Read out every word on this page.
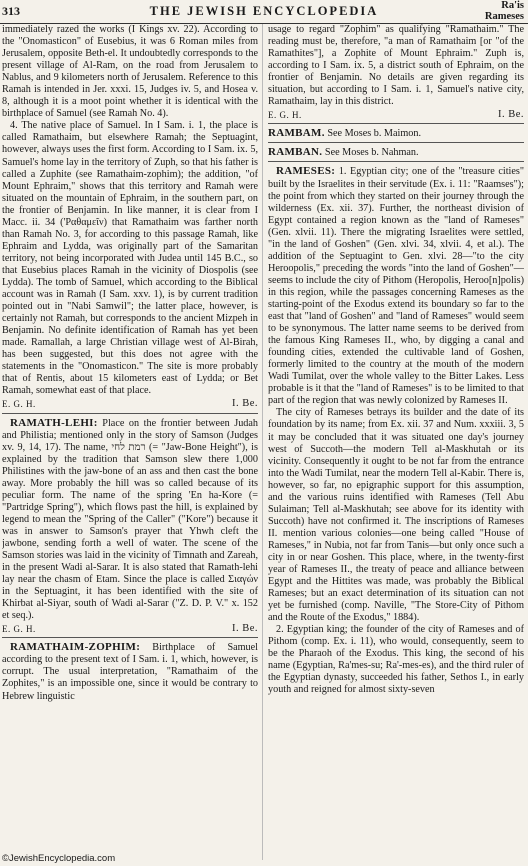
313	THE JEWISH ENCYCLOPEDIA	Ra'is
Rameses

immediately razed the works (I Kings xv. 22). According to the "Onomasticon" of Eusebius, it was 6 Roman miles from Jerusalem, opposite Beth-el. It undoubtedly corresponds to the present village of Al-Ram, on the road from Jerusalem to Nablus, and 9 kilometers north of Jerusalem. Reference to this Ramah is intended in Jer. xxxi. 15, Judges iv. 5, and Hosea v. 8, although it is a moot point whether it is identical with the birthplace of Samuel (see Ramah No. 4).

4. The native place of Samuel. In I Sam. i. 1, the place is called Ramathaim, but elsewhere Ramah; the Septuagint, however, always uses the first form. According to I Sam. ix. 5, Samuel's home lay in the territory of Zuph, so that his father is called a Zuphite (see Ramathaim-zophim); the addition, "of Mount Ephraim," shows that this territory and Ramah were situated on the mountain of Ephraim, in the southern part, on the frontier of Benjamin. In like manner, it is clear from I Macc. ii. 34 ('Ραθαμεῖν) that Ramathaim was farther north than Ramah No. 3, for according to this passage Ramah, like Ephraim and Lydda, was originally part of the Samaritan territory, not being incorporated with Judea until 145 B.C., so that Eusebius places Ramah in the vicinity of Diospolis (see Lydda). The tomb of Samuel, which according to the Biblical account was in Ramah (I Sam. xxv. 1), is by current tradition pointed out in "Nabi Samwil"; the latter place, however, is certainly not Ramah, but corresponds to the ancient Mizpeh in Benjamin. No definite identification of Ramah has yet been made. Ramallah, a large Christian village west of Al-Birah, has been suggested, but this does not agree with the statements in the "Onomasticon." The site is more probably that of Rentis, about 15 kilometers east of Lydda; or Bet Ramah, somewhat east of that place.

E. G. H.	I. Be.

RAMATH-LEHI: Place on the frontier between Judah and Philistia; mentioned only in the story of Samson (Judges xv. 9, 14, 17). The name, רמת לחי (= "Jaw-Bone Height"), is explained by the tradition that Samson slew there 1,000 Philistines with the jaw-bone of an ass and then cast the bone away. More probably the hill was so called because of its peculiar form. The name of the spring 'En ha-Kore (= "Partridge Spring"), which flows past the hill, is explained by legend to mean the "Spring of the Caller" ("Kore") because it was in answer to Samson's prayer that Yhwh cleft the jawbone, sending forth a well of water. The scene of the Samson stories was laid in the vicinity of Timnath and Zareah, in the present Wadi al-Sarar. It is also stated that Ramath-lehi lay near the chasm of Etam. Since the place is called Σιαγών in the Septuagint, it has been identified with the site of Khirbat al-Siyar, south of Wadi al-Sarar ("Z. D. P. V." x. 152 et seq.).

E. G. H.	I. Be.

RAMATHAIM-ZOPHIM: Birthplace of Samuel according to the present text of I Sam. i. 1, which, however, is corrupt. The usual interpretation, "Ramathaim of the Zophites," is an impossible one, since it would be contrary to Hebrew linguistic

usage to regard "Zophim" as qualifying "Ramathaim." The reading must be, therefore, "a man of Ramathaim [or "of the Ramathites"], a Zophite of Mount Ephraim." Zuph is, according to I Sam. ix. 5, a district south of Ephraim, on the frontier of Benjamin. No details are given regarding its situation, but according to I Sam. i. 1, Samuel's native city, Ramathaim, lay in this district.

E. G. H.	I. Be.

RAMBAM. See Moses b. Maimon.

RAMBAN. See Moses b. Nahman.

RAMESES: 1. Egyptian city; one of the "treasure cities" built by the Israelites in their servitude (Ex. i. 11: "Raamses"); the point from which they started on their journey through the wilderness (Ex. xii. 37). Further, the northeast division of Egypt contained a region known as the "land of Rameses" (Gen. xlvii. 11). There the migrating Israelites were settled, "in the land of Goshen" (Gen. xlvi. 34, xlvii. 4, et al.). The addition of the Septuagint to Gen. xlvi. 28—"to the city Heroopolis," preceding the words "into the land of Goshen"—seems to include the city of Pithom (Heropolis, Heroo[n]polis) in this region, while the passages concerning Rameses as the starting-point of the Exodus extend its boundary so far to the east that "land of Goshen" and "land of Rameses" would seem to be synonymous. The latter name seems to be derived from the famous King Rameses II., who, by digging a canal and founding cities, extended the cultivable land of Goshen, formerly limited to the country at the mouth of the modern Wadi Tumilat, over the whole valley to the Bitter Lakes. Less probable is it that the "land of Rameses" is to be limited to that part of the region that was newly colonized by Rameses II.

The city of Rameses betrays its builder and the date of its foundation by its name; from Ex. xii. 37 and Num. xxxiii. 3, 5 it may be concluded that it was situated one day's journey west of Succoth—the modern Tell al-Maskhutah or its vicinity. Consequently it ought to be not far from the entrance into the Wadi Tumilat, near the modern Tell al-Kabir. There is, however, so far, no epigraphic support for this assumption, and the various ruins identified with Rameses (Tell Abu Sulaiman; Tell al-Maskhutah; see above for its identity with Succoth) have not confirmed it. The inscriptions of Rameses II. mention various colonies—one being called "House of Rameses," in Nubia, not far from Tanis—but only once such a city in or near Goshen. This place, where, in the twenty-first year of Rameses II., the treaty of peace and alliance between Egypt and the Hittites was made, was probably the Biblical Rameses; but an exact determination of its situation can not yet be furnished (comp. Naville, "The Store-City of Pithom and the Route of the Exodus," 1884).

2. Egyptian king; the founder of the city of Rameses and of Pithom (comp. Ex. i. 11), who would, consequently, seem to be the Pharaoh of the Exodus. This king, the second of his name (Egyptian, Ra'mes-su; Ra'-mes-es), and the third ruler of the Egyptian dynasty, succeeded his father, Sethos I., in early youth and reigned for almost sixty-seven

©JewishEncyclopedia.com
